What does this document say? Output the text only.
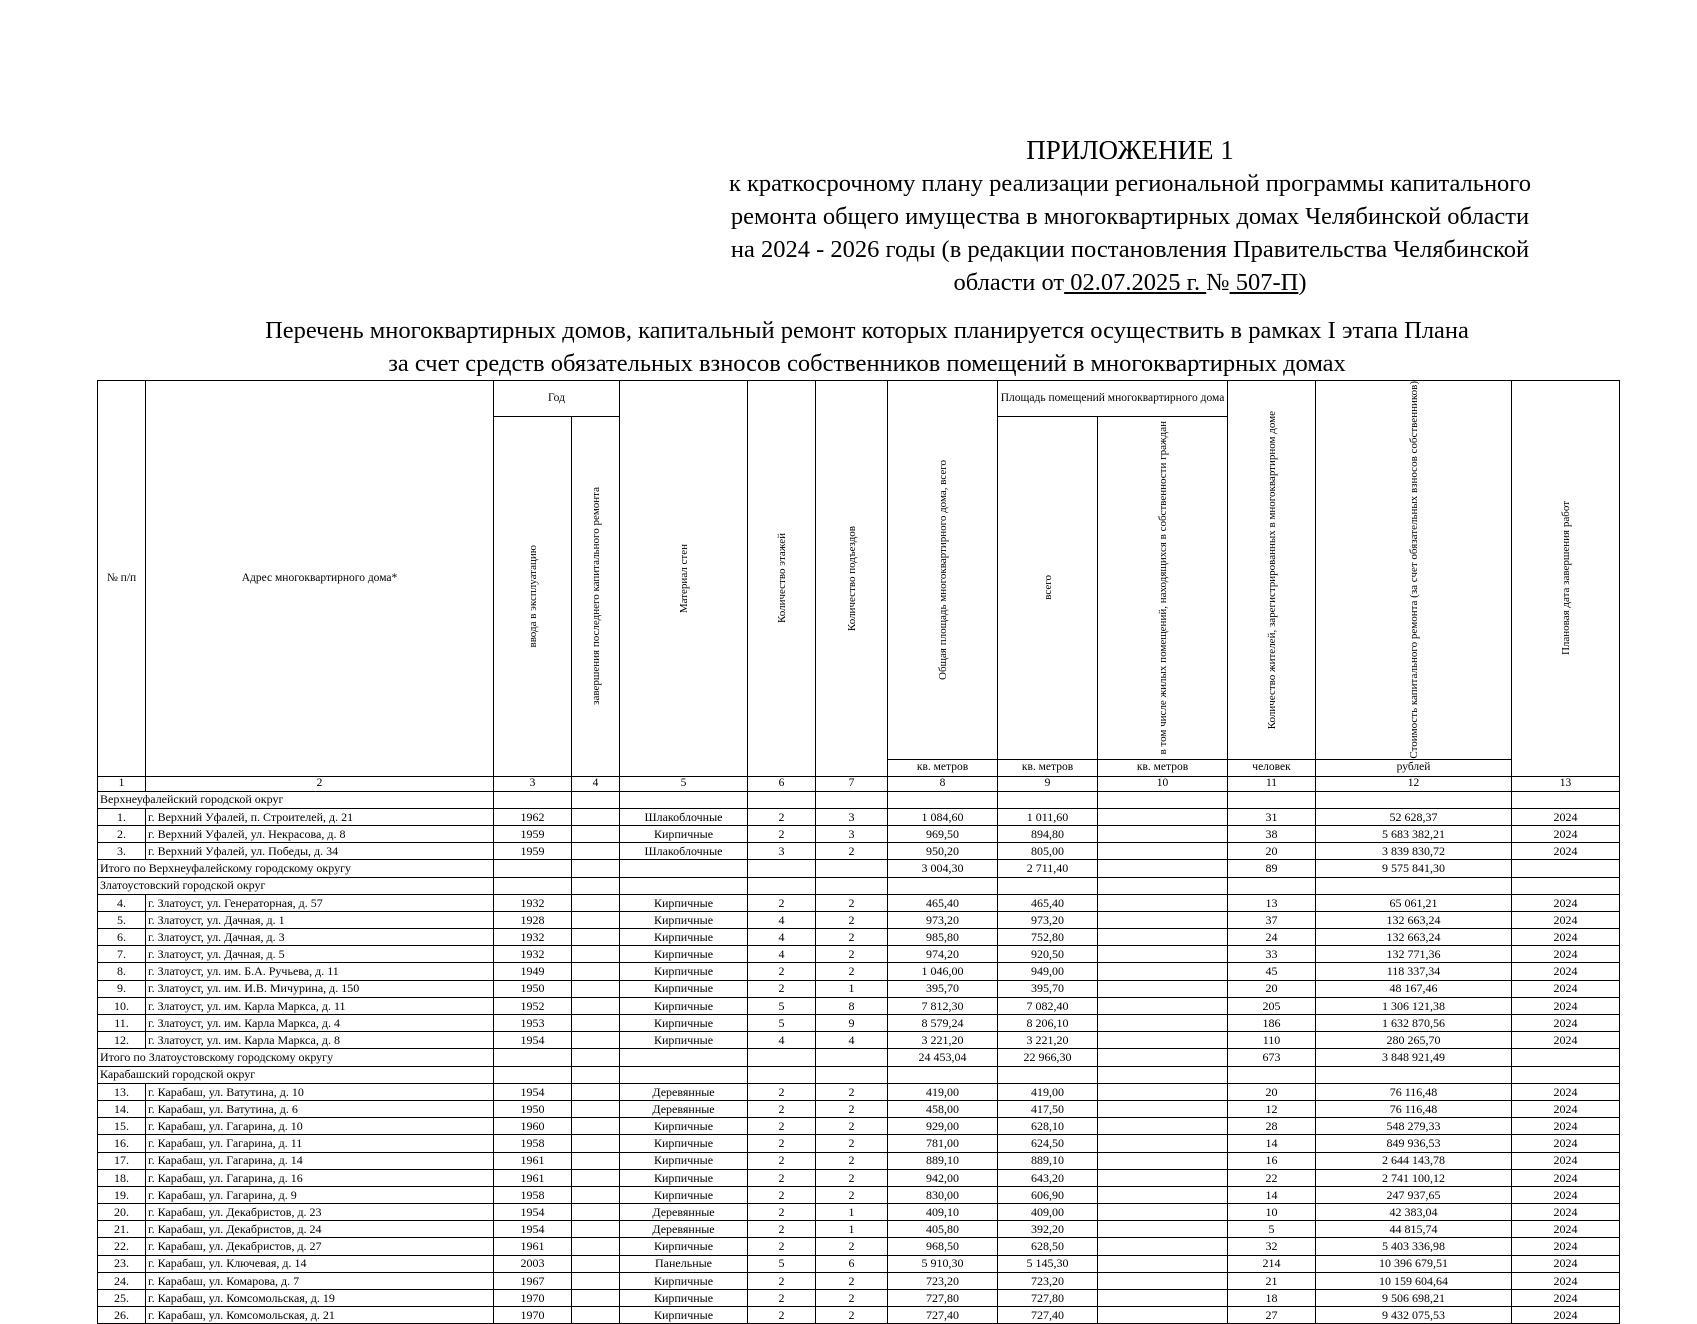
ПРИЛОЖЕНИЕ 1
к краткосрочному плану реализации региональной программы капитального
ремонта общего имущества в многоквартирных домах Челябинской области
на 2024 - 2026 годы (в редакции постановления Правительства Челябинской
области от 02.07.2025 г. № 507-П)
Перечень многоквартирных домов, капитальный ремонт которых планируется осуществить в рамках I этапа Плана
за счет средств обязательных взносов собственников помещений в многоквартирных домах
№ п/п	Адрес многоквартирного дома*	Год		Материал стен	Количество этажей	Количество подъездов	Общая площадь многоквартирного дома, всего	Площадь помещений многоквартирного дома		Количество жителей, зарегистрированных в многоквартирном доме	Стоимость капитального ремонта (за счет обязательных взносов собственников)	Плановая дата завершения работ

		ввода в эксплуатацию	завершения последнего капитального ремонта					всего	в том числе жилых помещений, находящихся в собственности граждан			

							кв. метров	кв. метров	кв. метров	человек	рублей	
1	2	3	4	5	6	7	8	9	10	11	12	13
Верхнеуфалейский городской округ												
1.	г. Верхний Уфалей, п. Строителей, д. 21	1962		Шлакоблочные	2	3	1 084,60	1 011,60		31	52 628,37	2024
2.	г. Верхний Уфалей, ул. Некрасова, д. 8	1959		Кирпичные	2	3	969,50	894,80		38	5 683 382,21	2024
3.	г. Верхний Уфалей, ул. Победы, д. 34	1959		Шлакоблочные	3	2	950,20	805,00		20	3 839 830,72	2024
Итого по Верхнеуфалейскому городскому округу							3 004,30	2 711,40		89	9 575 841,30	
Златоустовский городской округ												
4.	г. Златоуст, ул. Генераторная, д. 57	1932		Кирпичные	2	2	465,40	465,40		13	65 061,21	2024
5.	г. Златоуст, ул. Дачная, д. 1	1928		Кирпичные	4	2	973,20	973,20		37	132 663,24	2024
6.	г. Златоуст, ул. Дачная, д. 3	1932		Кирпичные	4	2	985,80	752,80		24	132 663,24	2024
7.	г. Златоуст, ул. Дачная, д. 5	1932		Кирпичные	4	2	974,20	920,50		33	132 771,36	2024
8.	г. Златоуст, ул. им. Б.А. Ручьева, д. 11	1949		Кирпичные	2	2	1 046,00	949,00		45	118 337,34	2024
9.	г. Златоуст, ул. им. И.В. Мичурина, д. 150	1950		Кирпичные	2	1	395,70	395,70		20	48 167,46	2024
10.	г. Златоуст, ул. им. Карла Маркса, д. 11	1952		Кирпичные	5	8	7 812,30	7 082,40		205	1 306 121,38	2024
11.	г. Златоуст, ул. им. Карла Маркса, д. 4	1953		Кирпичные	5	9	8 579,24	8 206,10		186	1 632 870,56	2024
12.	г. Златоуст, ул. им. Карла Маркса, д. 8	1954		Кирпичные	4	4	3 221,20	3 221,20		110	280 265,70	2024
Итого по Златоустовскому городскому округу							24 453,04	22 966,30		673	3 848 921,49	
Карабашский городской округ												
13.	г. Карабаш, ул. Ватутина, д. 10	1954		Деревянные	2	2	419,00	419,00		20	76 116,48	2024
14.	г. Карабаш, ул. Ватутина, д. 6	1950		Деревянные	2	2	458,00	417,50		12	76 116,48	2024
15.	г. Карабаш, ул. Гагарина, д. 10	1960		Кирпичные	2	2	929,00	628,10		28	548 279,33	2024
16.	г. Карабаш, ул. Гагарина, д. 11	1958		Кирпичные	2	2	781,00	624,50		14	849 936,53	2024
17.	г. Карабаш, ул. Гагарина, д. 14	1961		Кирпичные	2	2	889,10	889,10		16	2 644 143,78	2024
18.	г. Карабаш, ул. Гагарина, д. 16	1961		Кирпичные	2	2	942,00	643,20		22	2 741 100,12	2024
19.	г. Карабаш, ул. Гагарина, д. 9	1958		Кирпичные	2	2	830,00	606,90		14	247 937,65	2024
20.	г. Карабаш, ул. Декабристов, д. 23	1954		Деревянные	2	1	409,10	409,00		10	42 383,04	2024
21.	г. Карабаш, ул. Декабристов, д. 24	1954		Деревянные	2	1	405,80	392,20		5	44 815,74	2024
22.	г. Карабаш, ул. Декабристов, д. 27	1961		Кирпичные	2	2	968,50	628,50		32	5 403 336,98	2024
23.	г. Карабаш, ул. Ключевая, д. 14	2003		Панельные	5	6	5 910,30	5 145,30		214	10 396 679,51	2024
24.	г. Карабаш, ул. Комарова, д. 7	1967		Кирпичные	2	2	723,20	723,20		21	10 159 604,64	2024
25.	г. Карабаш, ул. Комсомольская, д. 19	1970		Кирпичные	2	2	727,80	727,80		18	9 506 698,21	2024
26.	г. Карабаш, ул. Комсомольская, д. 21	1970		Кирпичные	2	2	727,40	727,40		27	9 432 075,53	2024
